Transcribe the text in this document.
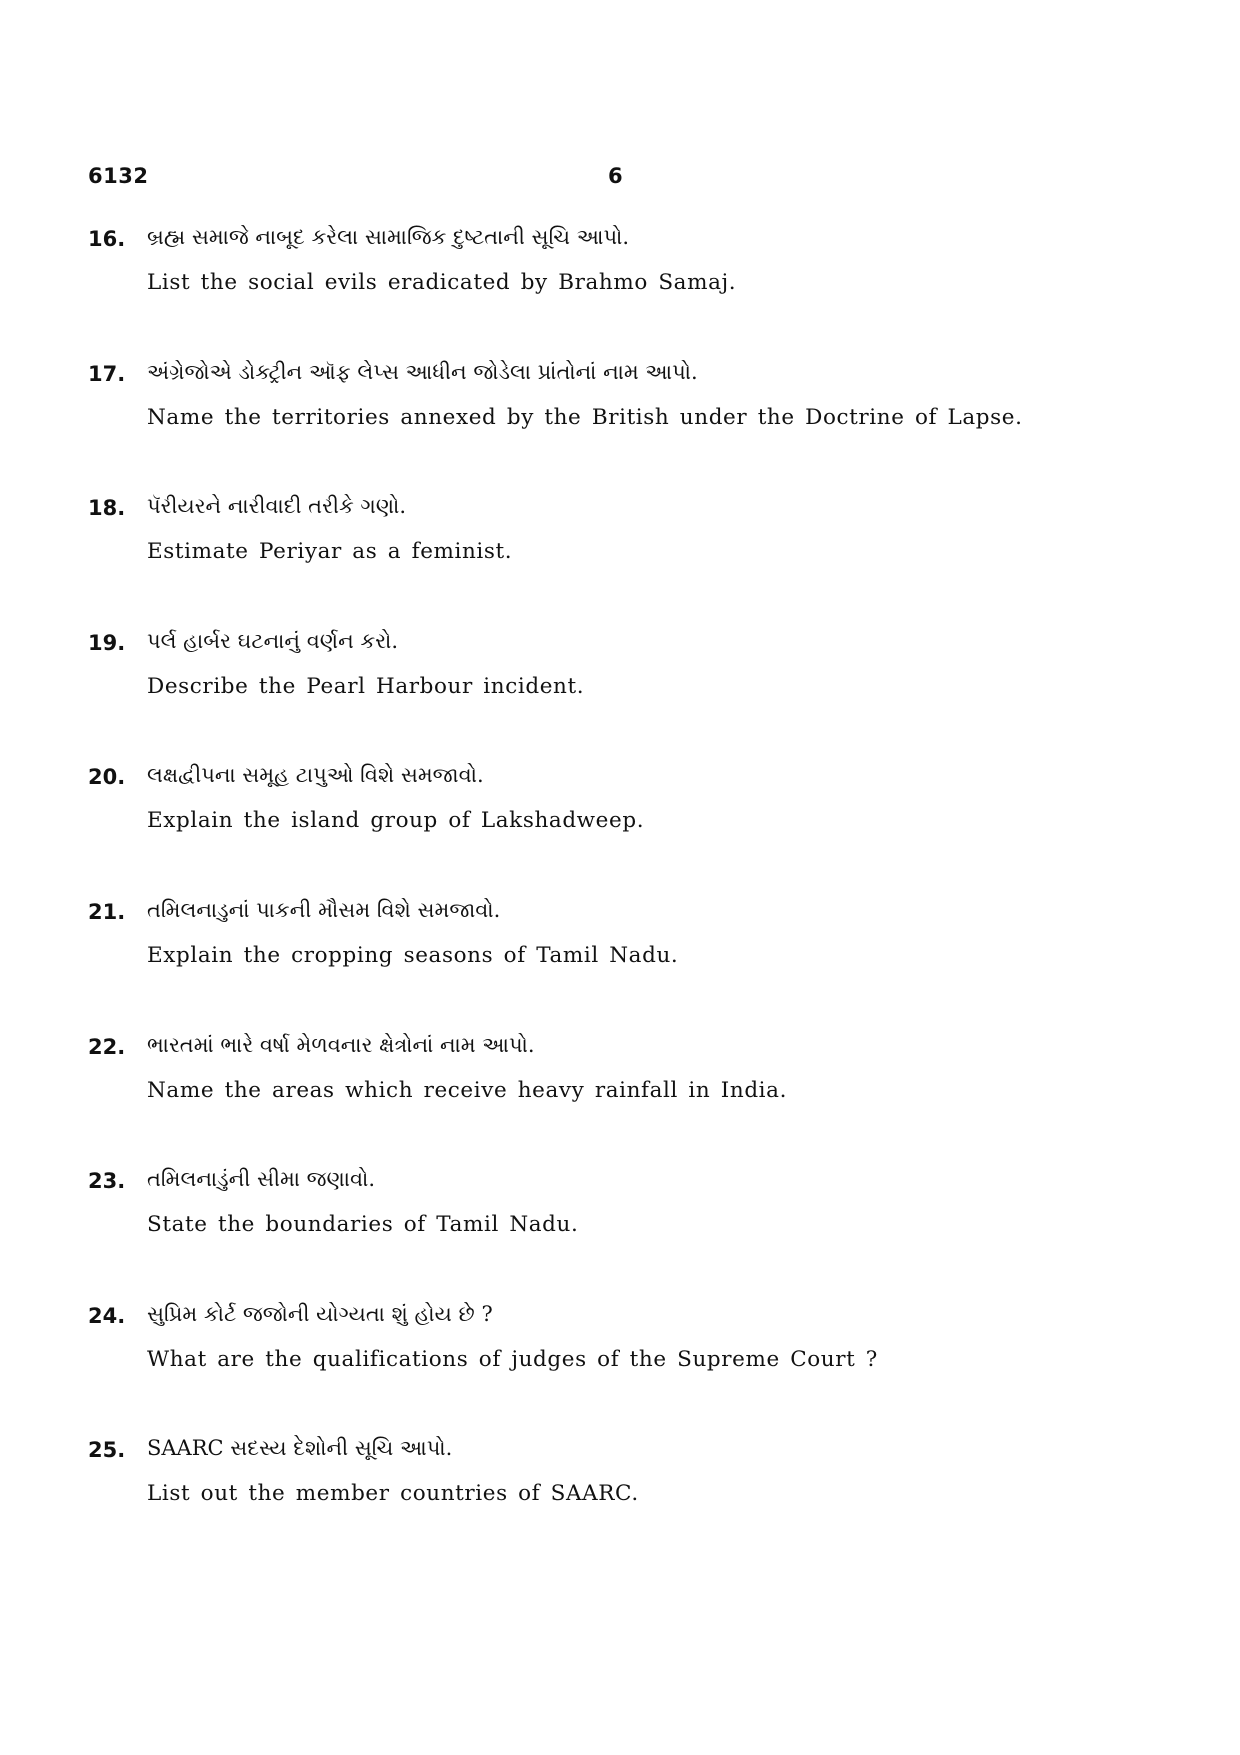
6132	6
16. બ્રહ્મ સમાજે નાબૂદ કરેલા સામાજિક દુષ્ટતાની સૂચિ આપો.
List the social evils eradicated by Brahmo Samaj.
17. અંગ્રેજોએ ડોક્ટ્રીન ઑફ લેપ્સ આધીન જોડેલા પ્રાંતોનાં નામ આપો.
Name the territories annexed by the British under the Doctrine of Lapse.
18. પૅરીયરને નારીવાદી તરીકે ગણો.
Estimate Periyar as a feminist.
19. પર્લ હાર્બર ઘટનાનું વર્ણન કરો.
Describe the Pearl Harbour incident.
20. લક્ષદ્વીપના સમૂહ ટાપુઓ વિશે સમજાવો.
Explain the island group of Lakshadweep.
21. તમિલનાડુનાં પાકની મૌસમ વિશે સમજાવો.
Explain the cropping seasons of Tamil Nadu.
22. ભારતમાં ભારે વર્ષા મેળવનાર ક્ષેત્રોનાં નામ આપો.
Name the areas which receive heavy rainfall in India.
23. તમિલનાડુંની સીમા જણાવો.
State the boundaries of Tamil Nadu.
24. સુપ્રિમ કોર્ટ જજોની યોગ્યતા શું હોય છે ?
What are the qualifications of judges of the Supreme Court ?
25. SAARC સદસ્ય દેશોની સૂચિ આપો.
List out the member countries of SAARC.
